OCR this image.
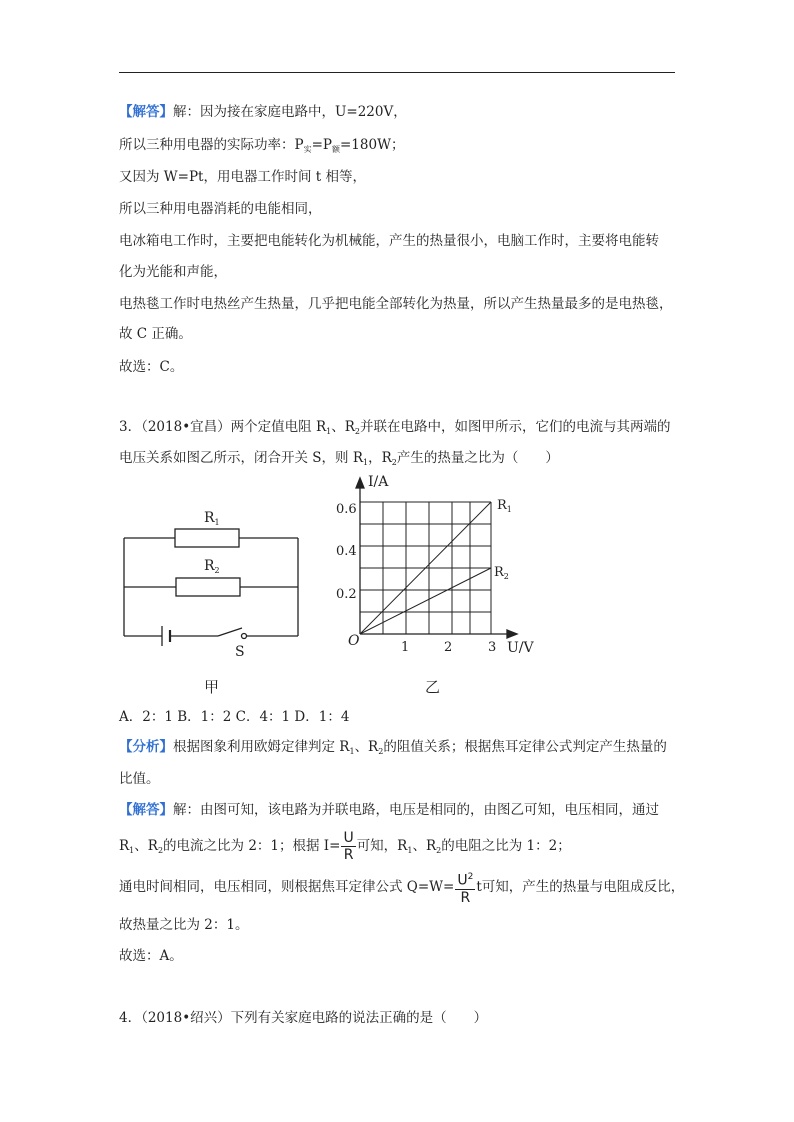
【解答】解：因为接在家庭电路中，U=220V，
所以三种用电器的实际功率：$P_实=P_额=180W$；
又因为 W=Pt，用电器工作时间 t 相等，
所以三种用电器消耗的电能相同，
电冰箱电工作时，主要把电能转化为机械能，产生的热量很小，电脑工作时，主要将电能转
化为光能和声能，
电热毯工作时电热丝产生热量，几乎把电能全部转化为热量，所以产生热量最多的是电热毯，
故 C 正确。
故选：C。
3．（2018•宜昌）两个定值电阻 $R_1$、$R_2$并联在电路中，如图甲所示，它们的电流与其两端的
电压关系如图乙所示，闭合开关 S，则 $R_1$，$R_2$产生的热量之比为（　　）
$R_1$
$R_2$
S
甲
I/A
U/V
O
0.6
0.4
0.2
1	2	3
$R_1$
$R_2$
乙
A．2：1 B．1：2 C．4：1 D．1：4
【分析】根据图象利用欧姆定律判定 $R_1$、$R_2$的阻值关系；根据焦耳定律公式判定产生热量的
比值。
【解答】解：由图可知，该电路为并联电路，电压是相同的，由图乙可知，电压相同，通过
$R_1$、$R_2$的电流之比为 2：1；根据 $I= \frac{U}{R}$ 可知，$R_1$、$R_2$的电阻之比为 1：2；
通电时间相同，电压相同，则根据焦耳定律公式 $Q=W= \frac{U^2}{R}$ t可知，产生的热量与电阻成反比，
故热量之比为 2：1。
故选：A。
4．（2018•绍兴）下列有关家庭电路的说法正确的是（　　）
